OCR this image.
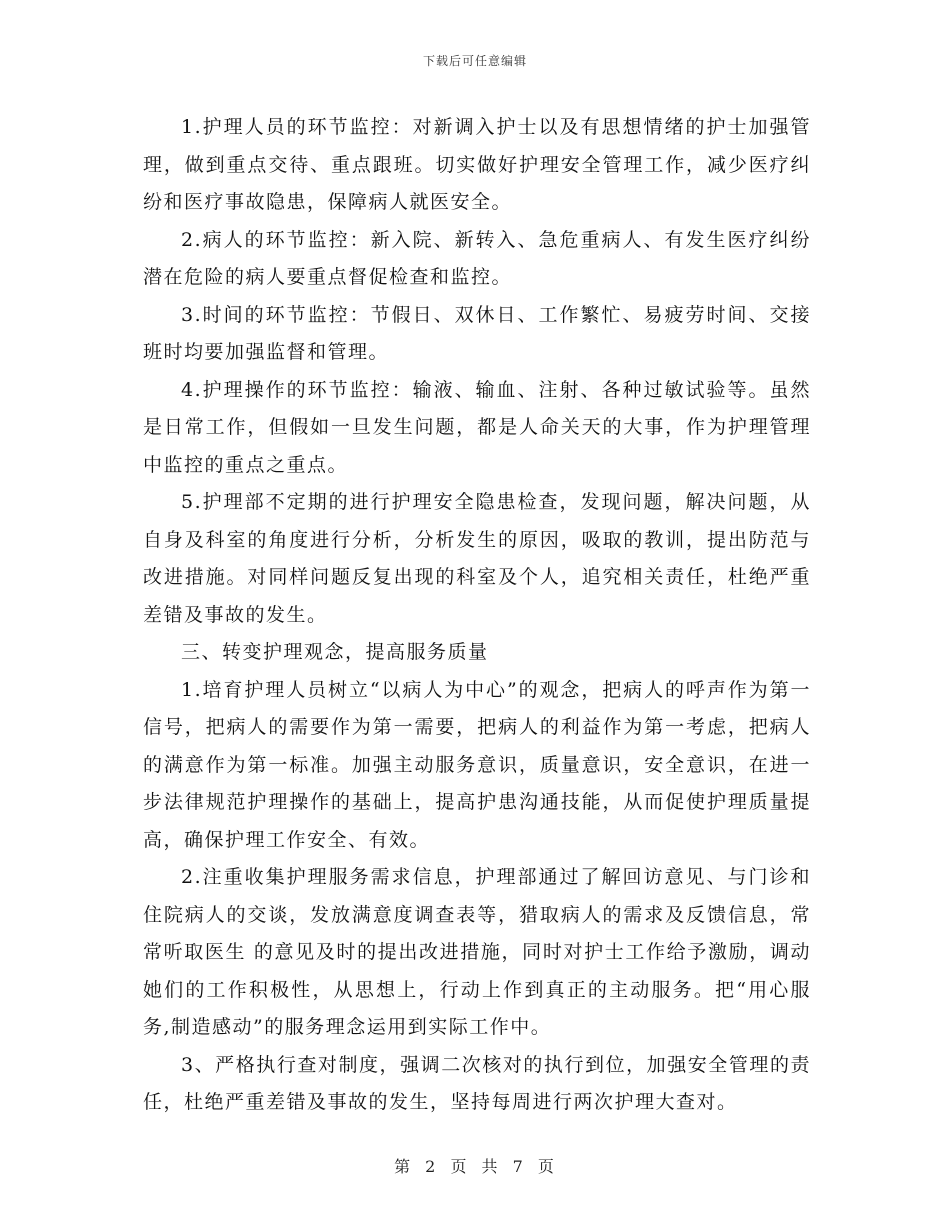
下载后可任意编辑

1.护理人员的环节监控：对新调入护士以及有思想情绪的护士加强管理，做到重点交待、重点跟班。切实做好护理安全管理工作，减少医疗纠纷和医疗事故隐患，保障病人就医安全。

2.病人的环节监控：新入院、新转入、急危重病人、有发生医疗纠纷潜在危险的病人要重点督促检查和监控。

3.时间的环节监控：节假日、双休日、工作繁忙、易疲劳时间、交接班时均要加强监督和管理。

4.护理操作的环节监控：输液、输血、注射、各种过敏试验等。虽然是日常工作，但假如一旦发生问题，都是人命关天的大事，作为护理管理中监控的重点之重点。

5.护理部不定期的进行护理安全隐患检查，发现问题，解决问题，从自身及科室的角度进行分析，分析发生的原因，吸取的教训，提出防范与改进措施。对同样问题反复出现的科室及个人，追究相关责任，杜绝严重差错及事故的发生。

三、转变护理观念，提高服务质量

1.培育护理人员树立“以病人为中心”的观念，把病人的呼声作为第一信号，把病人的需要作为第一需要，把病人的利益作为第一考虑，把病人的满意作为第一标准。加强主动服务意识，质量意识，安全意识，在进一步法律规范护理操作的基础上，提高护患沟通技能，从而促使护理质量提高，确保护理工作安全、有效。

2.注重收集护理服务需求信息，护理部通过了解回访意见、与门诊和住院病人的交谈，发放满意度调查表等，猎取病人的需求及反馈信息，常常听取医生 的意见及时的提出改进措施，同时对护士工作给予激励，调动她们的工作积极性，从思想上，行动上作到真正的主动服务。把“用心服务,制造感动”的服务理念运用到实际工作中。

3、严格执行查对制度，强调二次核对的执行到位，加强安全管理的责任，杜绝严重差错及事故的发生，坚持每周进行两次护理大查对。

第 2 页 共 7 页
